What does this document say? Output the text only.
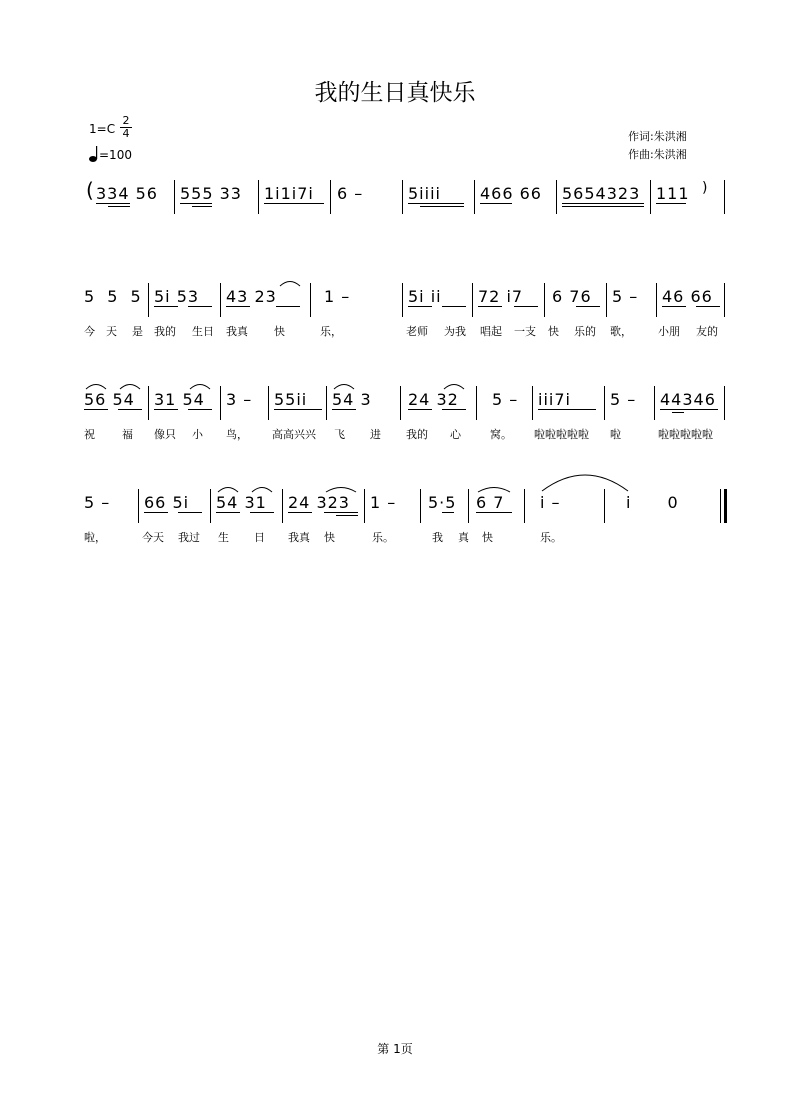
我的生日真快乐
$1=C \frac{2}{4}$
=100
作词:朱洪湘
作曲:朱洪湘
( 334 56 555 33 1i1i7i 6 –	5iiii 466 66 5654323 111 )
5 5 5 5i 53 43 23	1 –	5i ii 72 i7 6 76 5 – 46 66
今 天 是 我的 生日 我真 快	乐，	老师 为我 唱起 一支 快 乐的 歌， 小朋 友的
56 54 31 54 3 – 55ii 54 3 24 32 5 – iii7i 5 – 44346
祝 福 像只 小 鸟， 高高兴兴 飞 进 我的 心	窝。 啦啦啦啦啦 啦	啦啦啦啦啦
5 – 66 5i 54 31 24 323 1 – 5·5 6 7 i –	i 0
啦，	今天 我过 生 日 我真 快	乐。	我 真 快	乐。
第 1页
